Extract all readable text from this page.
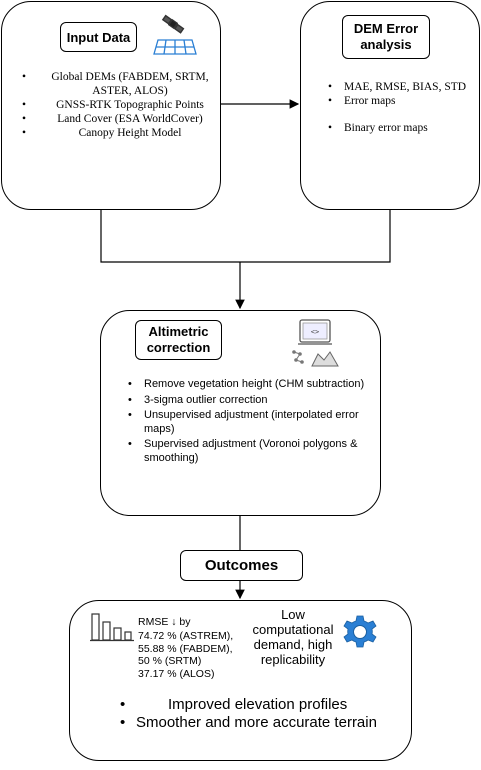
Input Data
• Global DEMs (FABDEM, SRTM,
ASTER, ALOS)
• GNSS-RTK Topographic Points
• Land Cover (ESA WorldCover)
• Canopy Height Model
DEM Error
analysis
• MAE, RMSE, BIAS, STD
• Error maps
• Binary error maps
Altimetric
correction
<>
• Remove vegetation height (CHM subtraction)
• 3-sigma outlier correction
• Unsupervised adjustment (interpolated error maps)
• Supervised adjustment (Voronoi polygons & smoothing)
Outcomes
RMSE ↓ by
74.72 % (ASTREM),
55.88 % (FABDEM),
50 % (SRTM)
37.17 % (ALOS)
Low
computational
demand, high
replicability
• Improved elevation profiles
• Smoother and more accurate terrain
